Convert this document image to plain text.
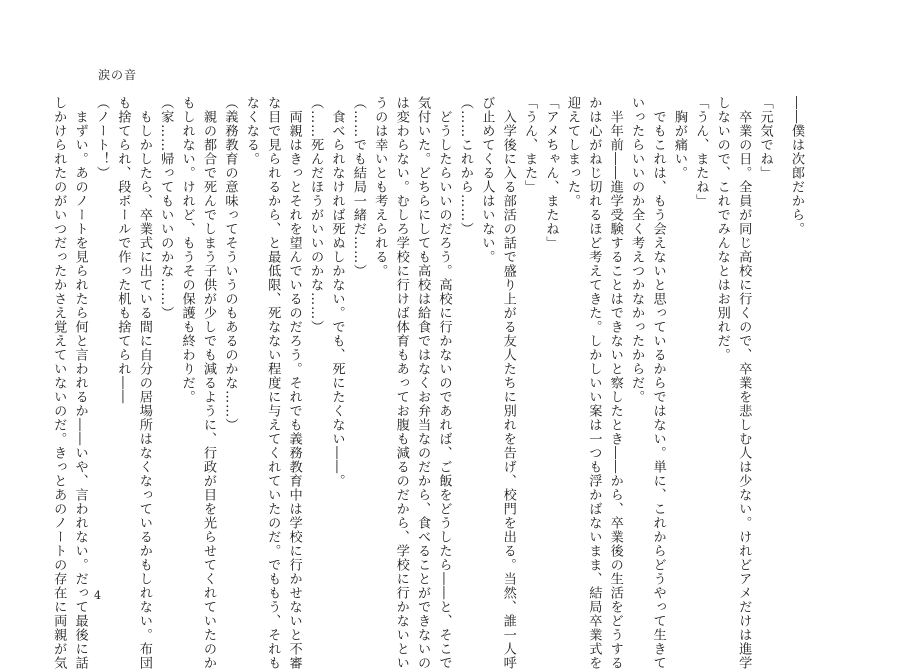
涙の音
――僕は次郎だから。
「元気でね」
　卒業の日。全員が同じ高校に行くので、卒業を悲しむ人は少ない。けれどアメだけは進学
しないので、これでみんなとはお別れだ。
「うん、またね」
　胸が痛い。
　でもこれは、もう会えないと思っているからではない。単に、これからどうやって生きて
いったらいいのか全く考えつかなかったからだ。
　半年前――進学受験することはできないと察したとき――から、卒業後の生活をどうする
かは心がねじ切れるほど考えてきた。しかしいい案は一つも浮かばないまま、結局卒業式を
迎えてしまった。
「アメちゃん、またね」
「うん、また」
　入学後に入る部活の話で盛り上がる友人たちに別れを告げ、校門を出る。当然、誰一人呼
び止めてくる人はいない。
（……これから……）
　どうしたらいいのだろう。高校に行かないのであれば、ご飯をどうしたら――と、そこで
気付いた。どちらにしても高校は給食ではなくお弁当なのだから、食べることができないの
は変わらない。むしろ学校に行けば体育もあってお腹も減るのだから、学校に行かないとい
うのは幸いとも考えられる。
（……でも結局一緒だ……）
　食べられなければ死ぬしかない。でも、死にたくない――。
（……死んだほうがいいのかな……）
　両親はきっとそれを望んでいるのだろう。それでも義務教育中は学校に行かせないと不審
な目で見られるから、と最低限、死なない程度に与えてくれていたのだ。でももう、それも
なくなる。
（義務教育の意味ってそういうのもあるのかな……）
　親の都合で死んでしまう子供が少しでも減るように、行政が目を光らせてくれていたのか
もしれない。けれど、もうその保護も終わりだ。
（家……帰ってもいいのかな……）
　もしかしたら、卒業式に出ている間に自分の居場所はなくなっているかもしれない。布団
も捨てられ、段ボールで作った机も捨てられ――
（ノート！）
　まずい。あのノートを見られたら何と言われるか――いや、言われない。だって最後に話
しかけられたのがいつだったかさえ覚えていないのだ。きっとあのノートの存在に両親が気	4
